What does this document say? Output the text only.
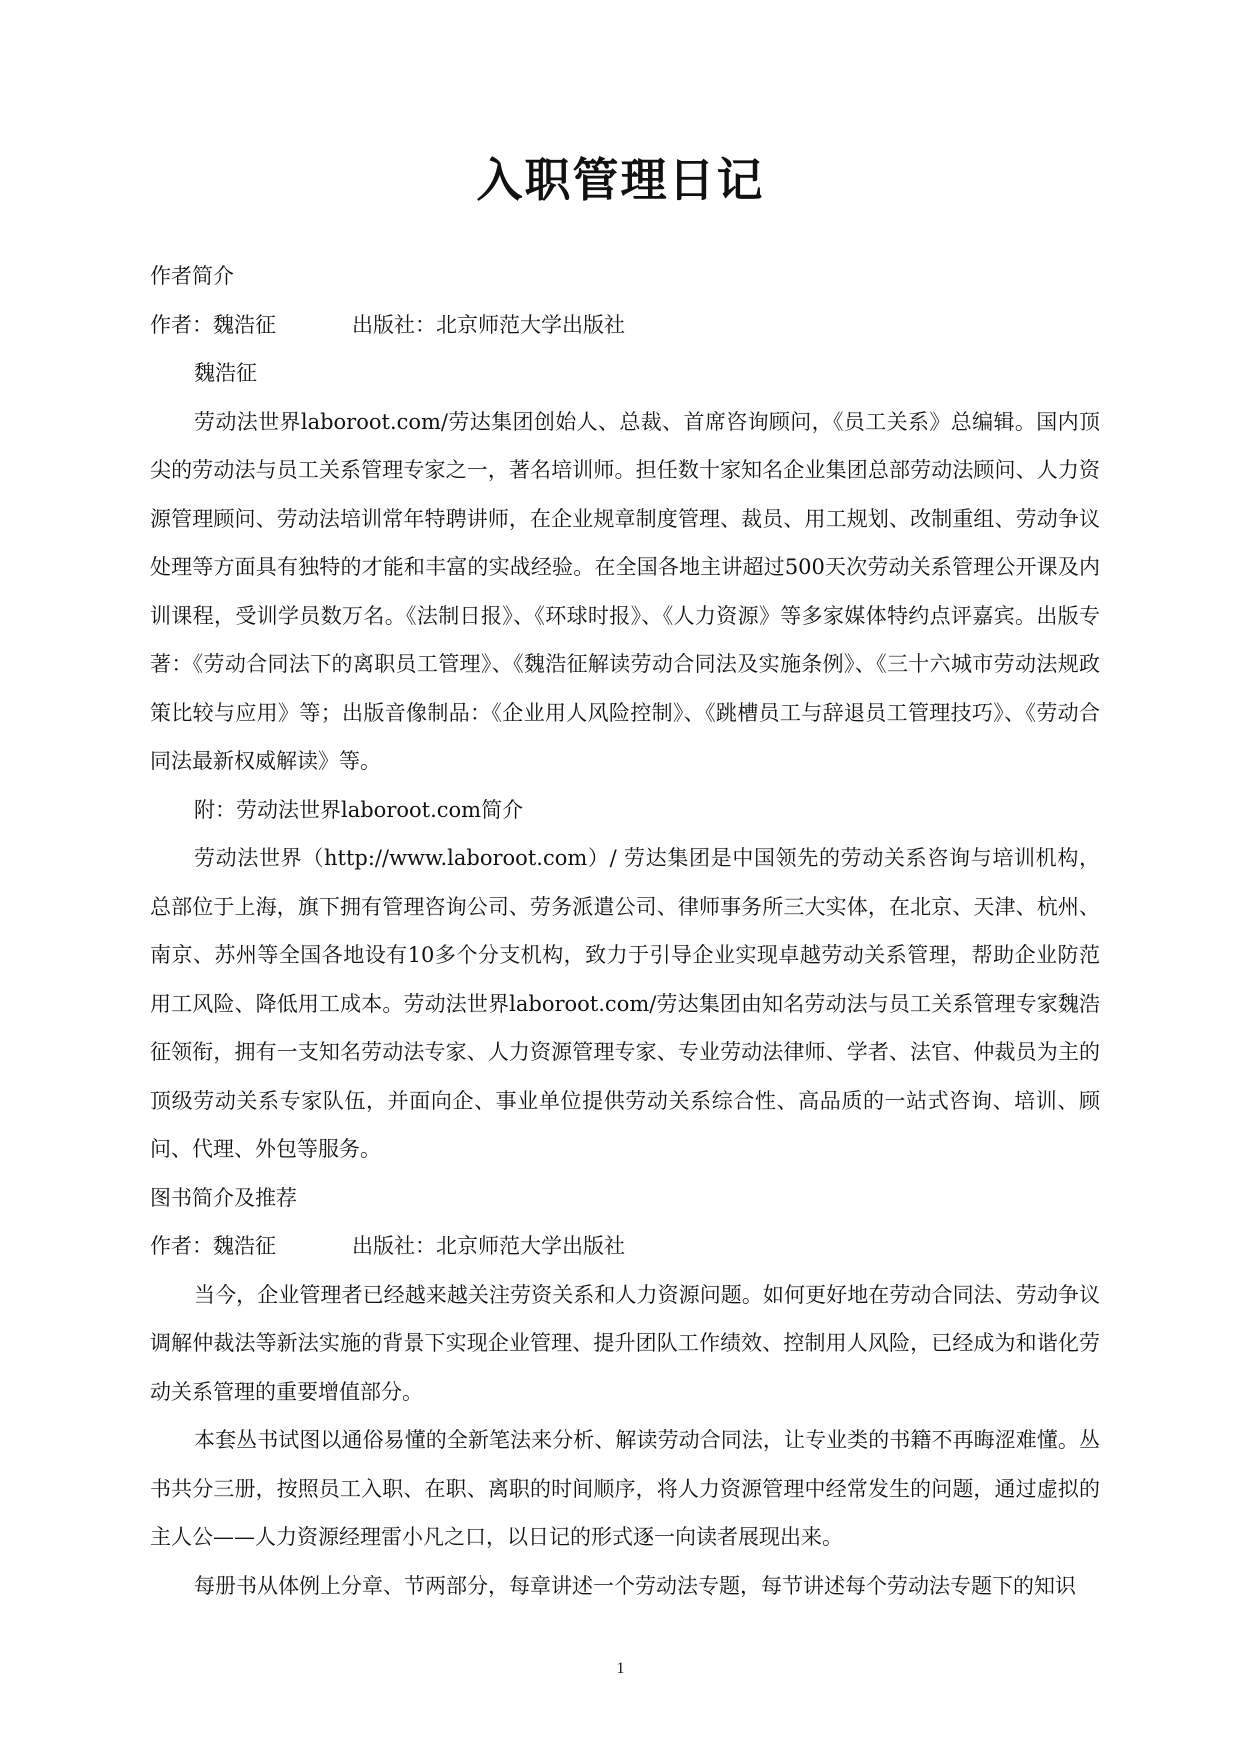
入职管理日记

作者简介

作者：魏浩征	出版社：北京师范大学出版社

魏浩征

劳动法世界laboroot.com/劳达集团创始人、总裁、首席咨询顾问，《员工关系》总编辑。国内顶尖的劳动法与员工关系管理专家之一，著名培训师。担任数十家知名企业集团总部劳动法顾问、人力资源管理顾问、劳动法培训常年特聘讲师，在企业规章制度管理、裁员、用工规划、改制重组、劳动争议处理等方面具有独特的才能和丰富的实战经验。在全国各地主讲超过500天次劳动关系管理公开课及内训课程，受训学员数万名。《法制日报》、《环球时报》、《人力资源》等多家媒体特约点评嘉宾。出版专著：《劳动合同法下的离职员工管理》、《魏浩征解读劳动合同法及实施条例》、《三十六城市劳动法规政策比较与应用》等；出版音像制品：《企业用人风险控制》、《跳槽员工与辞退员工管理技巧》、《劳动合同法最新权威解读》等。

附：劳动法世界laboroot.com简介

劳动法世界（http://www.laboroot.com）/ 劳达集团是中国领先的劳动关系咨询与培训机构，总部位于上海，旗下拥有管理咨询公司、劳务派遣公司、律师事务所三大实体，在北京、天津、杭州、南京、苏州等全国各地设有10多个分支机构，致力于引导企业实现卓越劳动关系管理，帮助企业防范用工风险、降低用工成本。劳动法世界laboroot.com/劳达集团由知名劳动法与员工关系管理专家魏浩征领衔，拥有一支知名劳动法专家、人力资源管理专家、专业劳动法律师、学者、法官、仲裁员为主的顶级劳动关系专家队伍，并面向企、事业单位提供劳动关系综合性、高品质的一站式咨询、培训、顾问、代理、外包等服务。

图书简介及推荐

作者：魏浩征	出版社：北京师范大学出版社

当今，企业管理者已经越来越关注劳资关系和人力资源问题。如何更好地在劳动合同法、劳动争议调解仲裁法等新法实施的背景下实现企业管理、提升团队工作绩效、控制用人风险，已经成为和谐化劳动关系管理的重要增值部分。

本套丛书试图以通俗易懂的全新笔法来分析、解读劳动合同法，让专业类的书籍不再晦涩难懂。丛书共分三册，按照员工入职、在职、离职的时间顺序，将人力资源管理中经常发生的问题，通过虚拟的主人公——人力资源经理雷小凡之口，以日记的形式逐一向读者展现出来。

每册书从体例上分章、节两部分，每章讲述一个劳动法专题，每节讲述每个劳动法专题下的知识

1
